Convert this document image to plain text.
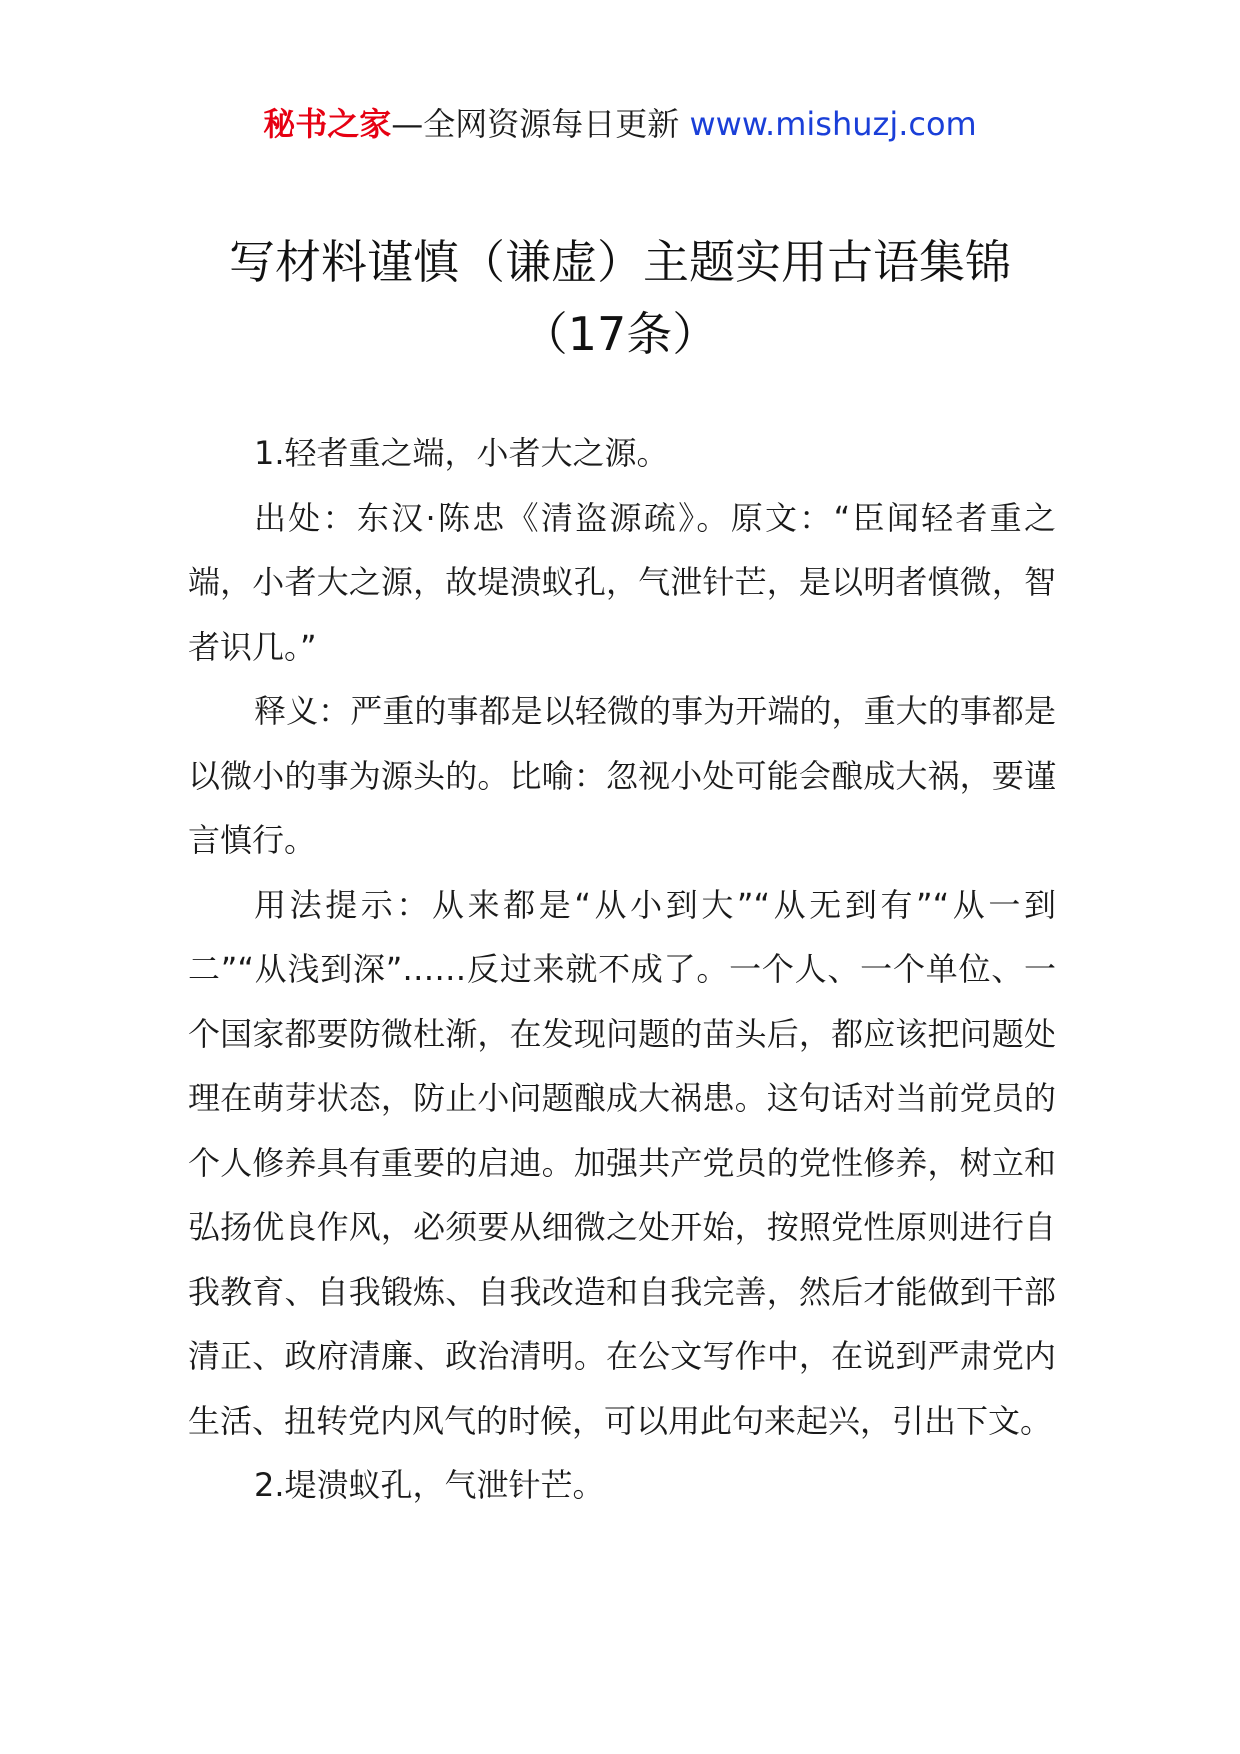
秘书之家—全网资源每日更新 www.mishuzj.com
写材料谨慎（谦虚）主题实用古语集锦
（17条）

1.轻者重之端，小者大之源。

出处：东汉·陈忠《清盗源疏》。原文：“臣闻轻者重之端，小者大之源，故堤溃蚁孔，气泄针芒，是以明者慎微，智者识几。”

释义：严重的事都是以轻微的事为开端的，重大的事都是以微小的事为源头的。比喻：忽视小处可能会酿成大祸，要谨言慎行。

用法提示：从来都是“从小到大”“从无到有”“从一到二”“从浅到深”……反过来就不成了。一个人、一个单位、一个国家都要防微杜渐，在发现问题的苗头后，都应该把问题处理在萌芽状态，防止小问题酿成大祸患。这句话对当前党员的个人修养具有重要的启迪。加强共产党员的党性修养，树立和弘扬优良作风，必须要从细微之处开始，按照党性原则进行自我教育、自我锻炼、自我改造和自我完善，然后才能做到干部清正、政府清廉、政治清明。在公文写作中，在说到严肃党内生活、扭转党内风气的时候，可以用此句来起兴，引出下文。

2.堤溃蚁孔，气泄针芒。
